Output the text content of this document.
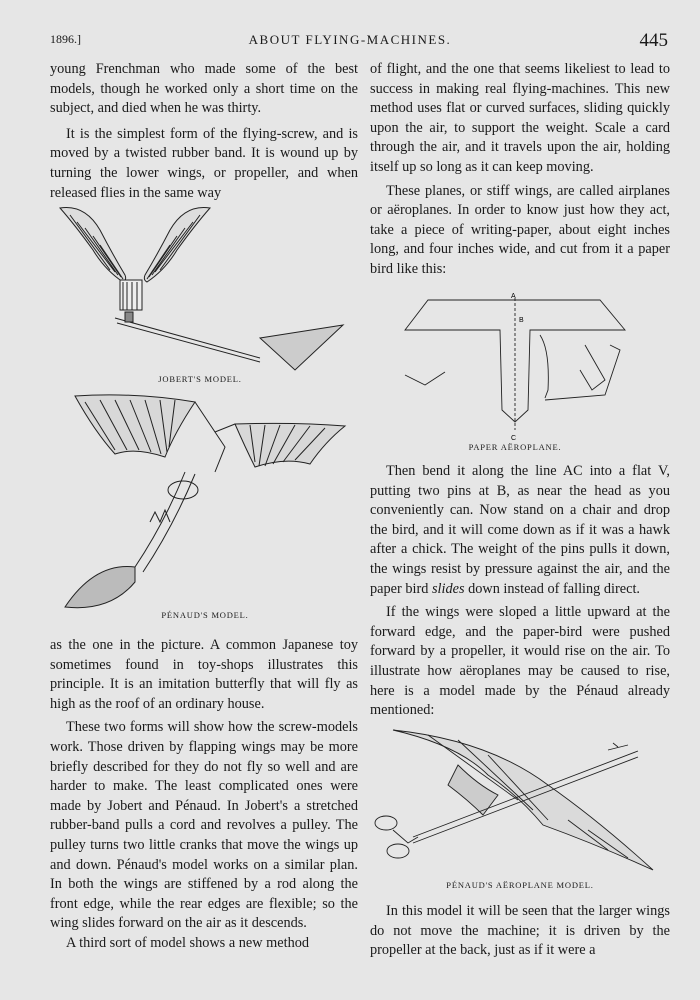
1896.]	ABOUT FLYING-MACHINES.	445

young Frenchman who made some of the best models, though he worked only a short time on the subject, and died when he was thirty.

It is the simplest form of the flying-screw, and is moved by a twisted rubber band. It is wound up by turning the lower wings, or propeller, and when released flies in the same way

JOBERT'S MODEL.
PÉNAUD'S MODEL.

as the one in the picture. A common Japanese toy sometimes found in toy-shops illustrates this principle. It is an imitation butterfly that will fly as high as the roof of an ordinary house.

These two forms will show how the screw-models work. Those driven by flapping wings may be more briefly described for they do not fly so well and are harder to make. The least complicated ones were made by Jobert and Pénaud. In Jobert's a stretched rubber-band pulls a cord and revolves a pulley. The pulley turns two little cranks that move the wings up and down. Pénaud's model works on a similar plan. In both the wings are stiffened by a rod along the front edge, while the rear edges are flexible; so the wing slides forward on the air as it descends.

A third sort of model shows a new method

of flight, and the one that seems likeliest to lead to success in making real flying-machines. This new method uses flat or curved surfaces, sliding quickly upon the air, to support the weight. Scale a card through the air, and it travels upon the air, holding itself up so long as it can keep moving.

These planes, or stiff wings, are called airplanes or aëroplanes. In order to know just how they act, take a piece of writing-paper, about eight inches long, and four inches wide, and cut from it a paper bird like this:

A
B
C
PAPER AËROPLANE.

Then bend it along the line AC into a flat V, putting two pins at B, as near the head as you conveniently can. Now stand on a chair and drop the bird, and it will come down as if it was a hawk after a chick. The weight of the pins pulls it down, the wings resist by pressure against the air, and the paper bird slides down instead of falling direct.

If the wings were sloped a little upward at the forward edge, and the paper-bird were pushed forward by a propeller, it would rise on the air. To illustrate how aëroplanes may be caused to rise, here is a model made by the Pénaud already mentioned:

PÉNAUD'S AËROPLANE MODEL.

In this model it will be seen that the larger wings do not move the machine; it is driven by the propeller at the back, just as if it were a
